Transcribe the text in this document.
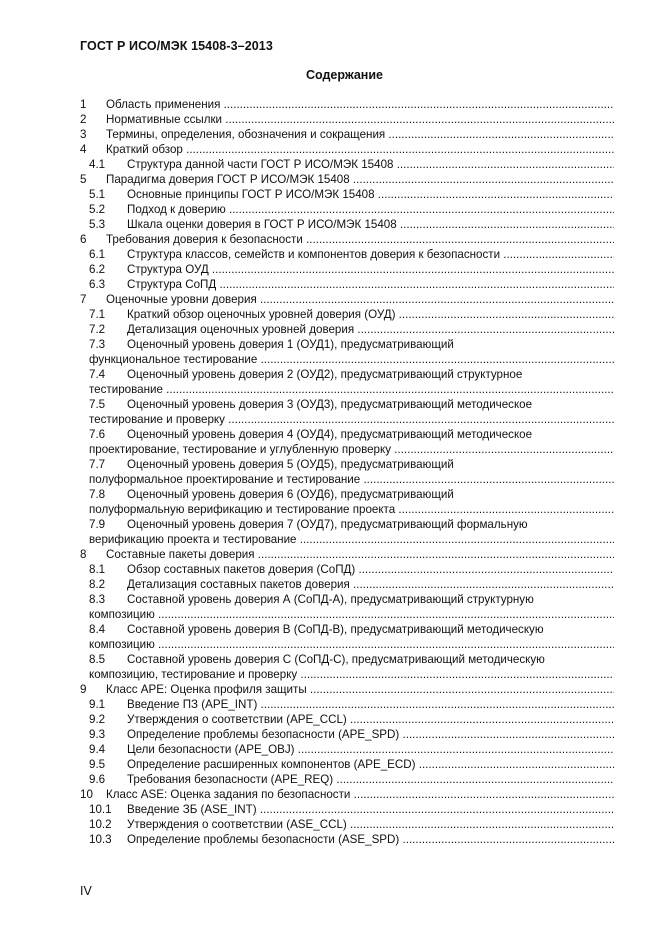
ГОСТ Р ИСО/МЭК 15408-3–2013
Содержание
1 Область применения .....
2 Нормативные ссылки .....
3 Термины, определения, обозначения и сокращения .....
4 Краткий обзор .....
4.1 Структура данной части ГОСТ Р ИСО/МЭК 15408 .....
5 Парадигма доверия ГОСТ Р ИСО/МЭК 15408 .....
5.1 Основные принципы ГОСТ Р ИСО/МЭК 15408 .....
5.2 Подход к доверию .....
5.3 Шкала оценки доверия в ГОСТ Р ИСО/МЭК 15408 .....
6 Требования доверия к безопасности .....
6.1 Структура классов, семейств и компонентов доверия к безопасности .....
6.2 Структура ОУД .....
6.3 Структура СоПД .....
7 Оценочные уровни доверия .....
7.1 Краткий обзор оценочных уровней доверия (ОУД) .....
7.2 Детализация оценочных уровней доверия .....
7.3 Оценочный уровень доверия 1 (ОУД1), предусматривающий
функциональное тестирование .....
7.4 Оценочный уровень доверия 2 (ОУД2), предусматривающий структурное
тестирование .....
7.5 Оценочный уровень доверия 3 (ОУД3), предусматривающий методическое
тестирование и проверку .....
7.6 Оценочный уровень доверия 4 (ОУД4), предусматривающий методическое
проектирование, тестирование и углубленную проверку .....
7.7 Оценочный уровень доверия 5 (ОУД5), предусматривающий
полуформальное проектирование и тестирование .....
7.8 Оценочный уровень доверия 6 (ОУД6), предусматривающий
полуформальную верификацию и тестирование проекта .....
7.9 Оценочный уровень доверия 7 (ОУД7), предусматривающий формальную
верификацию проекта и тестирование .....
8 Составные пакеты доверия .....
8.1 Обзор составных пакетов доверия (СоПД) .....
8.2 Детализация составных пакетов доверия .....
8.3 Составной уровень доверия А (СоПД-А), предусматривающий структурную
композицию .....
8.4 Составной уровень доверия В (СоПД-В), предусматривающий методическую
композицию .....
8.5 Составной уровень доверия С (СоПД-С), предусматривающий методическую
композицию, тестирование и проверку .....
9 Класс APE: Оценка профиля защиты .....
9.1 Введение ПЗ (APE_INT) .....
9.2 Утверждения о соответствии (APE_CCL) .....
9.3 Определение проблемы безопасности (APE_SPD) .....
9.4 Цели безопасности (APE_OBJ) .....
9.5 Определение расширенных компонентов (APE_ECD) .....
9.6 Требования безопасности (APE_REQ) .....
10 Класс ASE: Оценка задания по безопасности .....
10.1 Введение ЗБ (ASE_INT) .....
10.2 Утверждения о соответствии (ASE_CCL) .....
10.3 Определение проблемы безопасности (ASE_SPD) .....
IV
